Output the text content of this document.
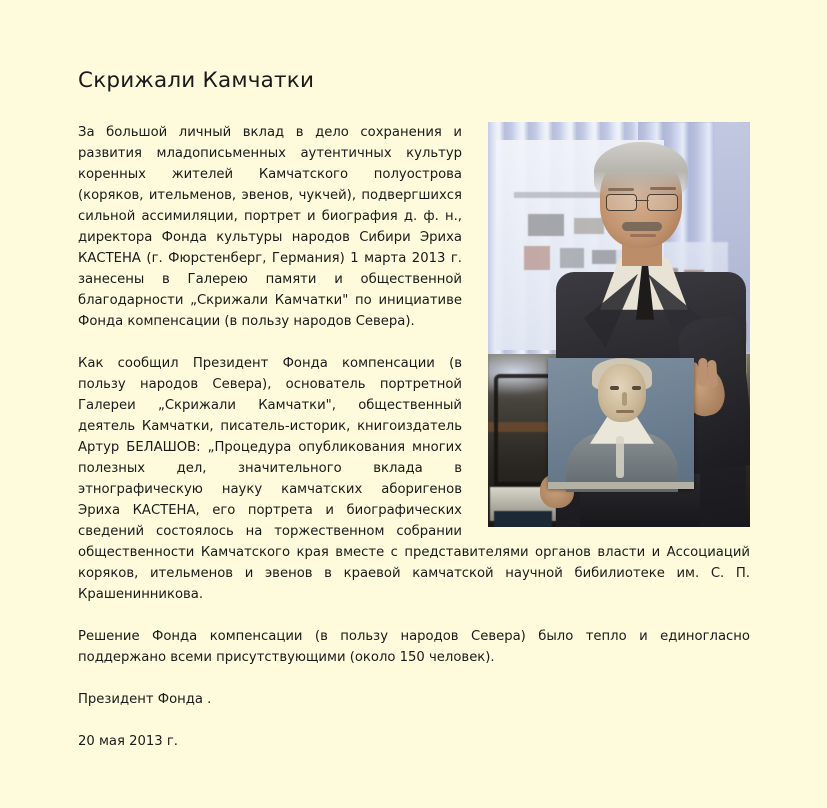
Скрижали Камчатки

За большой личный вклад в дело сохранения и развития младописьменных аутентичных культур коренных жителей Камчатского полуострова (коряков, ительменов, эвенов, чукчей), подвергшихся сильной ассимиляции, портрет и биография д. ф. н., директора Фонда культуры народов Сибири Эриха КАСТЕНА (г. Фюрстенберг, Германия) 1 марта 2013 г. занесены в Галерею памяти и общественной благодарности „Скрижали Камчатки" по инициативе Фонда компенсации (в пользу народов Севера).

Как сообщил Президент Фонда компенсации (в пользу народов Севера), основатель портретной Галереи „Скрижали Камчатки", общественный деятель Камчатки, писатель-историк, книгоиздатель Артур БЕЛАШОВ: „Процедура опубликования многих полезных дел, значительного вклада в этнографическую науку камчатских аборигенов Эриха КАСТЕНА, его портрета и биографических сведений состоялось на торжественном собрании общественности Камчатского края вместе с представителями органов власти и Ассоциаций коряков, ительменов и эвенов в краевой камчатской научной бибилиотеке им. С. П. Крашенинникова.

Решение Фонда компенсации (в пользу народов Севера) было тепло и единогласно поддержано всеми присутствующими (около 150 человек).

Президент Фонда .

20 мая 2013 г.
